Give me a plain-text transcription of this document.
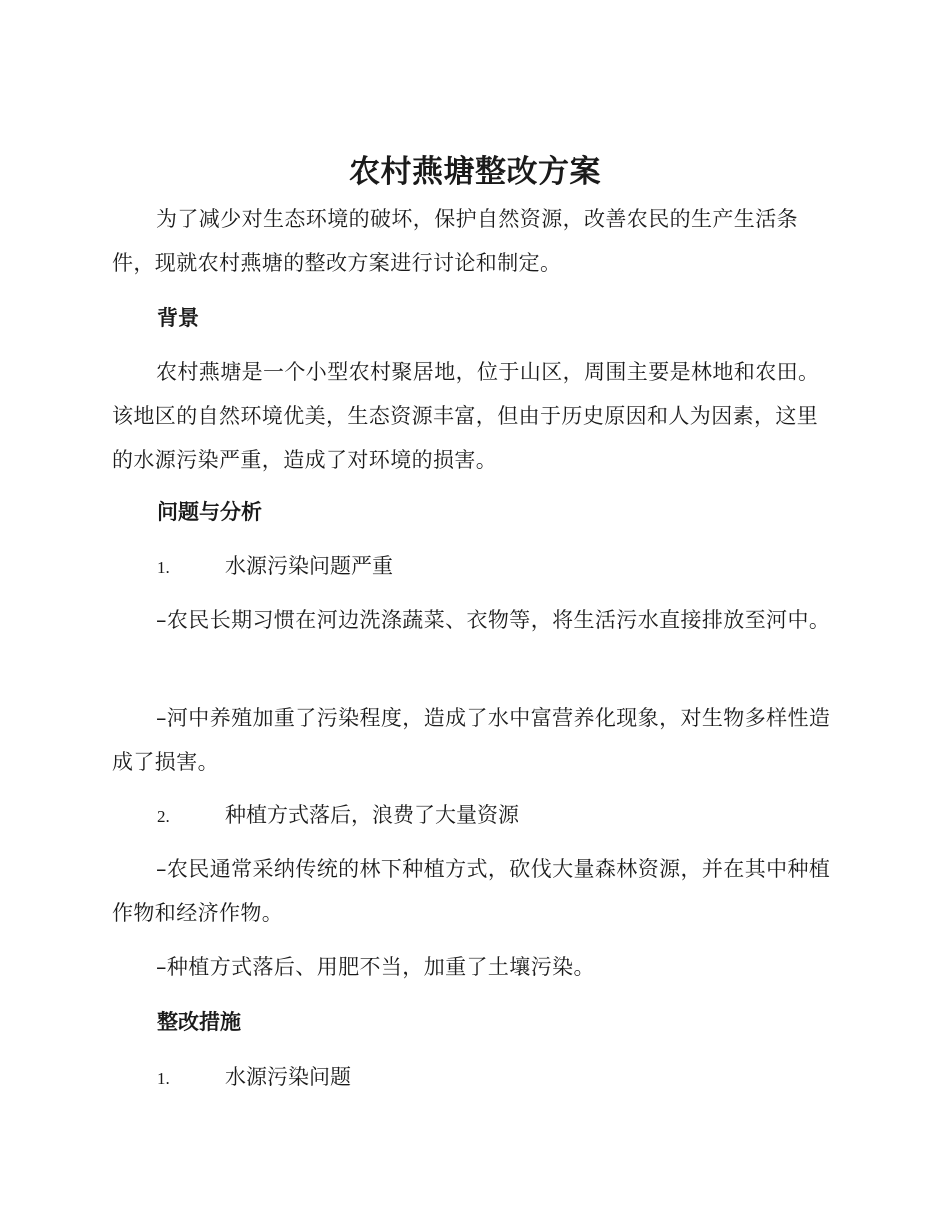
农村燕塘整改方案
为了减少对生态环境的破坏，保护自然资源，改善农民的生产生活条件，现就农村燕塘的整改方案进行讨论和制定。
背景
农村燕塘是一个小型农村聚居地，位于山区，周围主要是林地和农田。该地区的自然环境优美，生态资源丰富，但由于历史原因和人为因素，这里的水源污染严重，造成了对环境的损害。
问题与分析
1.	水源污染问题严重
–农民长期习惯在河边洗涤蔬菜、衣物等，将生活污水直接排放至河中。
–河中养殖加重了污染程度，造成了水中富营养化现象，对生物多样性造成了损害。
2.	种植方式落后，浪费了大量资源
–农民通常采纳传统的林下种植方式，砍伐大量森林资源，并在其中种植作物和经济作物。
–种植方式落后、用肥不当，加重了土壤污染。
整改措施
1.	水源污染问题
